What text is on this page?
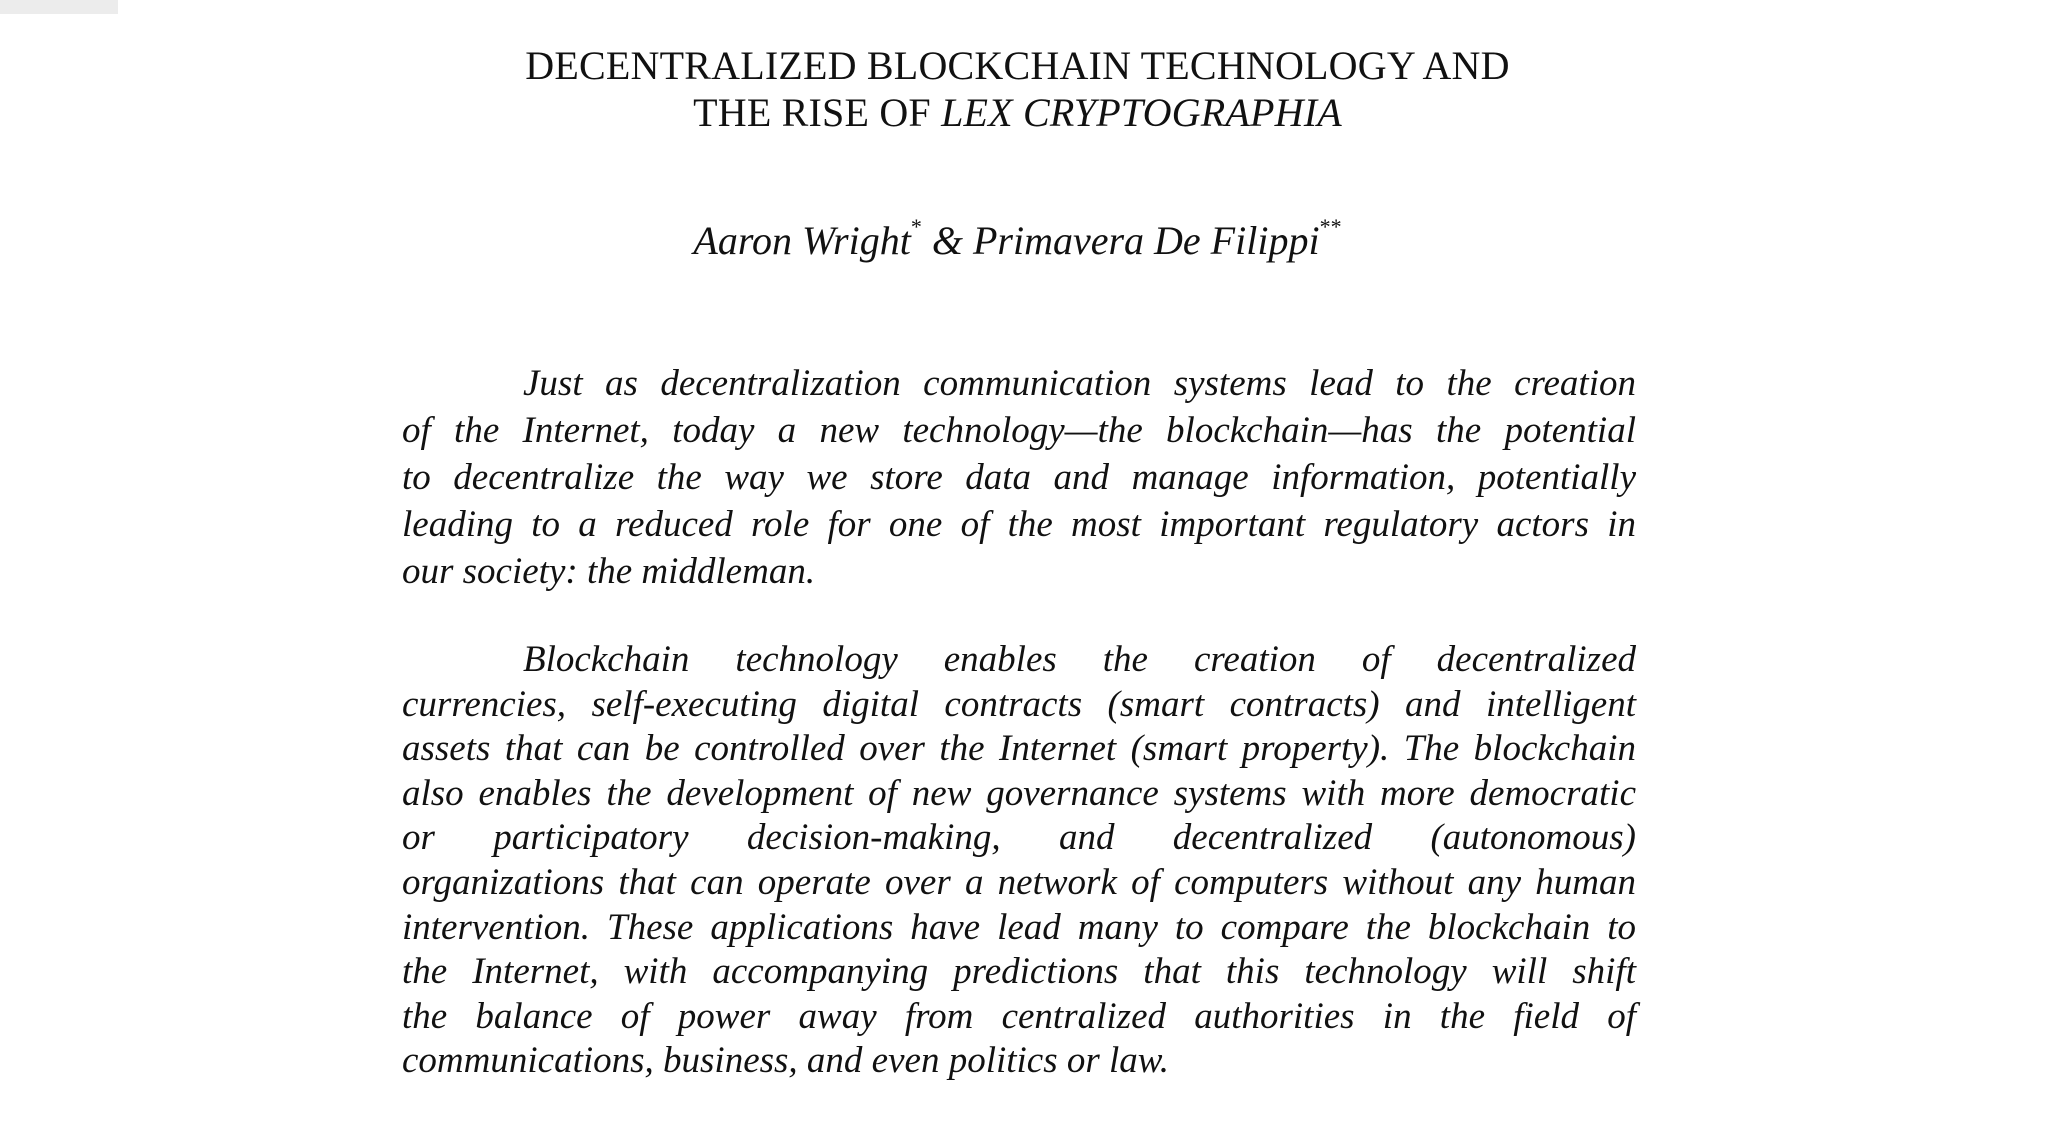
DECENTRALIZED BLOCKCHAIN TECHNOLOGY AND
THE RISE OF LEX CRYPTOGRAPHIA
Aaron Wright* & Primavera De Filippi**
Just as decentralization communication systems lead to the creation
of the Internet, today a new technology—the blockchain—has the potential
to decentralize the way we store data and manage information, potentially
leading to a reduced role for one of the most important regulatory actors in
our society: the middleman.
Blockchain technology enables the creation of decentralized
currencies, self-executing digital contracts (smart contracts) and intelligent
assets that can be controlled over the Internet (smart property). The blockchain
also enables the development of new governance systems with more democratic
or participatory decision-making, and decentralized (autonomous)
organizations that can operate over a network of computers without any human
intervention. These applications have lead many to compare the blockchain to
the Internet, with accompanying predictions that this technology will shift
the balance of power away from centralized authorities in the field of
communications, business, and even politics or law.
